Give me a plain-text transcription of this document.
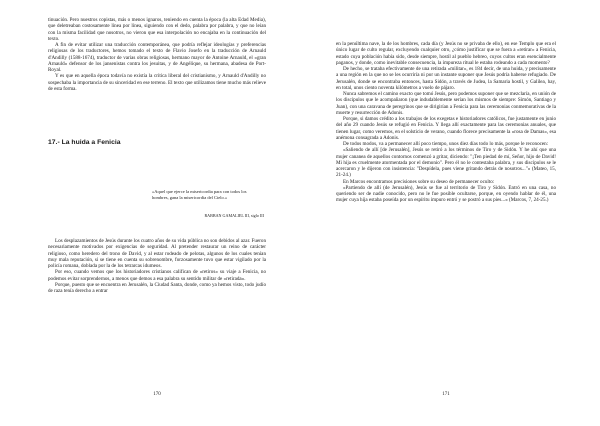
tinuación. Pero nuestros copistas, más o menos ignaros, teniendo en cuenta la época (la alta Edad Media), que deletreaban costosamente línea por línea, siguiendo con el dedo, palabra por palabra, y que no leían con la misma facilidad que nosotros, no vieron que esa interpolación no encajaba en la continuación del texto.

A fin de evitar utilizar una traducción contemporánea, que podría reflejar ideologías y preferencias religiosas de los traductores, hemos tomado el texto de Flavio Josefo en la traducción de Arnauld d'Andilly (1588-1674), traductor de varias obras religiosas, hermano mayor de Antoine Arnauld, el «gran Arnauld» defensor de los jansenistas contra los jesuitas, y de Angélique, su hermana, abadesa de Port-Royal.

Y es que en aquella época todavía no existía la crítica liberal del cristianismo, y Arnauld d'Andilly no sospechaba la importancia de su sinceridad en ese terreno. El texto que utilizamos tiene mucho más relieve de esta forma.

17.- La huida a Fenicia
«Aquel que ejerce la misericordia para con todos los hombres, gana la misericordia del Cielo.»
RABBAN GAMALIEL III, siglo III

Los desplazamientos de Jesús durante los cuatro años de su vida pública no son debidos al azar. Fueron necesariamente motivados por exigencias de seguridad. Al pretender restaurar un reino de carácter religioso, como heredero del trono de David, y al estar rodeado de pelotas, algunos de los cuales tenían muy mala reputación, si se tiene en cuenta su sobrenombre, forzosamente tuvo que estar vigilado por la policía romana, doblada por la de los tetrarcas idumeos.

Por eso, cuando vemos que los historiadores cristianos califican de «retiros» su viaje a Fenicia, no podemos evitar sorprendernos, a menos que demos a esa palabra su sentido militar de «retirada».

Porque, puesto que se encuentra en Jerusalén, la Ciudad Santa, donde, como ya hemos visto, todo judío de raza tenía derecho a entrar

en la penúltima nave, la de los hombres, cada día (y Jesús no se privaba de ello), en ese Templo que era el único lugar de culto regular, excluyendo cualquier otro, ¿cómo justificar que se fuera a «retirar» a Fenicia, estado cuya población había sido, desde siempre, hostil al pueblo hebreo, cuyos cultos eran esencialmente paganos, y donde, como inevitable consecuencia, la impureza ritual le estaba rodeando a cada momento?

De hecho, se trataba efectivamente de una retirada «militar», es 184 decir, de una huida, y precisamente a una región en la que no se les ocurriría ni por un instante suponer que Jesús podría haberse refugiado. De Jerusalén, donde se encontraba entonces, hasta Sidón, a través de Judea, la Samaria hostil, y Galilea, hay, en total, unos ciento noventa kilómetros a vuelo de pájaro.

Nunca sabremos el camino exacto que tomó Jesús, pero podemos suponer que se mezclaría, en unión de los discípulos que le acompañaron (que indudablemente serían los mismos de siempre: Simón, Santiago y Juan), con una caravana de peregrinos que se dirigirían a Fenicia para las ceremonias conmemorativas de la muerte y resurrección de Adonis.

Porque, si damos crédito a los trabajos de los exegetas e historiadores católicos, fue justamente en junio del año 29 cuando Jesús se refugió en Fenicia. Y llega allí exactamente para las ceremonias anuales, que tienen lugar, como veremos, en el solsticio de verano, cuando florece precisamente la «rosa de Damas», esa anémona consagrada a Adonis.

De todos modos, va a permanecer allí poco tiempo, unos diez días todo lo más, porque le reconocen:

«Saliendo de allí [de Jerusalén], Jesús se retiró a los términos de Tiro y de Sidón. Y he ahí que una mujer cananea de aquellos contornos comenzó a gritar, diciendo: "¡Ten piedad de mí, Señor, hijo de David! Mi hija es cruelmente atormentada por el demonio". Pero él no le contestaba palabra, y sus discípulos se le acercaron y le dijeron con insistencia: "Despídela, pues viene gritando detrás de nosotros..."» (Mateo, 15, 21-24.)

En Marcos encontramos precisiones sobre su deseo de permanecer oculto:

«Partiendo de allí (de Jerusalén), Jesús se fue al territorio de Tiro y Sidón. Entró en una casa, no queriendo ser de nadie conocido, pero no le fue posible ocultarse, porque, en oyendo hablar de él, una mujer cuya hija estaba poseída por un espíritu impuro entró y se postró a sus pies...» (Marcos, 7, 24-25.)

170	171
